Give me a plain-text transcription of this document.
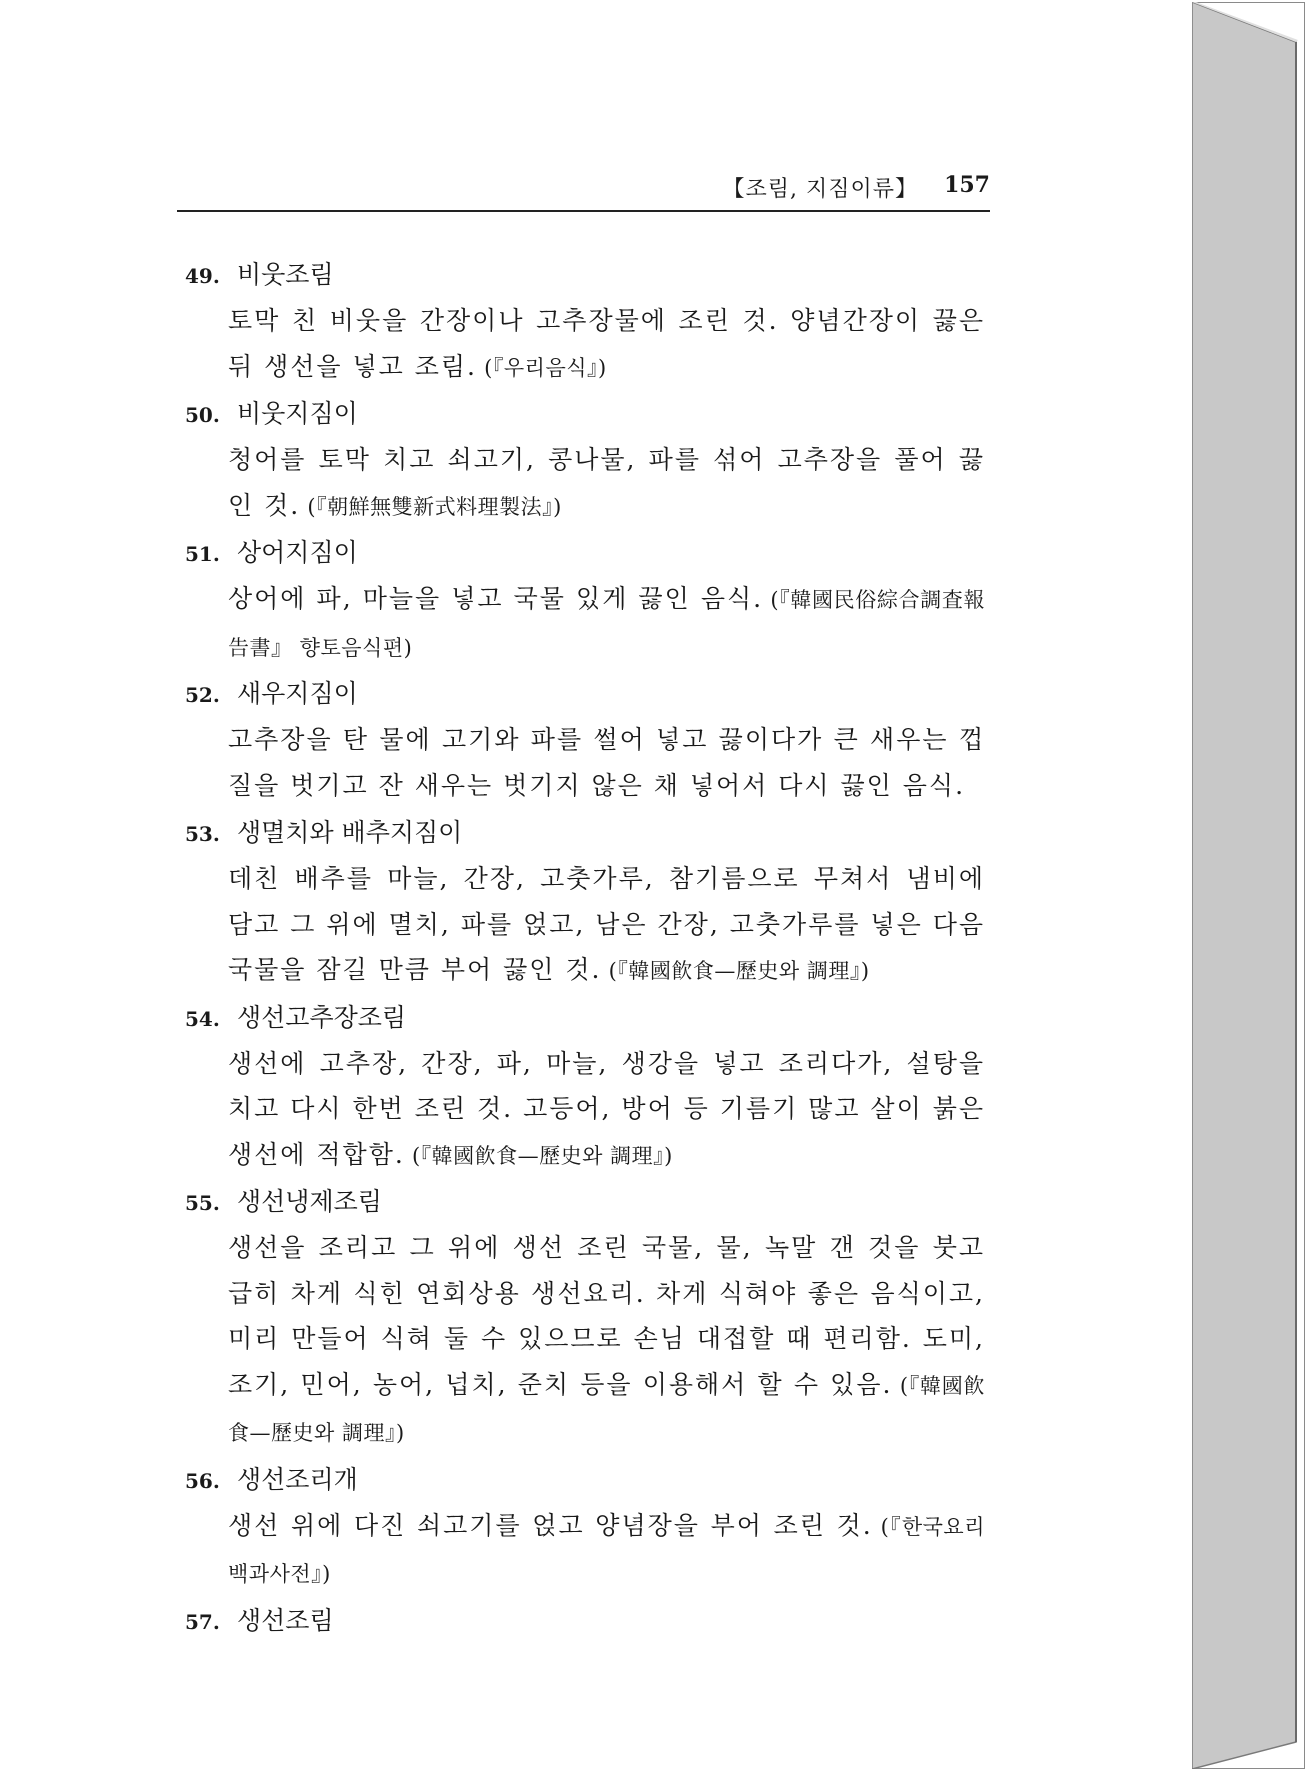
【조림, 지짐이류】 157
49. 비웃조림
토막 친 비웃을 간장이나 고추장물에 조린 것. 양념간장이 끓은 뒤 생선을 넣고 조림. (『우리음식』)
50. 비웃지짐이
청어를 토막 치고 쇠고기, 콩나물, 파를 섞어 고추장을 풀어 끓인 것. (『朝鮮無雙新式料理製法』)
51. 상어지짐이
상어에 파, 마늘을 넣고 국물 있게 끓인 음식. (『韓國民俗綜合調査報告書』 향토음식편)
52. 새우지짐이
고추장을 탄 물에 고기와 파를 썰어 넣고 끓이다가 큰 새우는 껍질을 벗기고 잔 새우는 벗기지 않은 채 넣어서 다시 끓인 음식.
53. 생멸치와 배추지짐이
데친 배추를 마늘, 간장, 고춧가루, 참기름으로 무쳐서 냄비에 담고 그 위에 멸치, 파를 얹고, 남은 간장, 고춧가루를 넣은 다음 국물을 잠길 만큼 부어 끓인 것. (『韓國飮食—歷史와 調理』)
54. 생선고추장조림
생선에 고추장, 간장, 파, 마늘, 생강을 넣고 조리다가, 설탕을 치고 다시 한번 조린 것. 고등어, 방어 등 기름기 많고 살이 붉은 생선에 적합함. (『韓國飮食—歷史와 調理』)
55. 생선냉제조림
생선을 조리고 그 위에 생선 조린 국물, 물, 녹말 갠 것을 붓고 급히 차게 식힌 연회상용 생선요리. 차게 식혀야 좋은 음식이고, 미리 만들어 식혀 둘 수 있으므로 손님 대접할 때 편리함. 도미, 조기, 민어, 농어, 넙치, 준치 등을 이용해서 할 수 있음. (『韓國飮食—歷史와 調理』)
56. 생선조리개
생선 위에 다진 쇠고기를 얹고 양념장을 부어 조린 것. (『한국요리백과사전』)
57. 생선조림
